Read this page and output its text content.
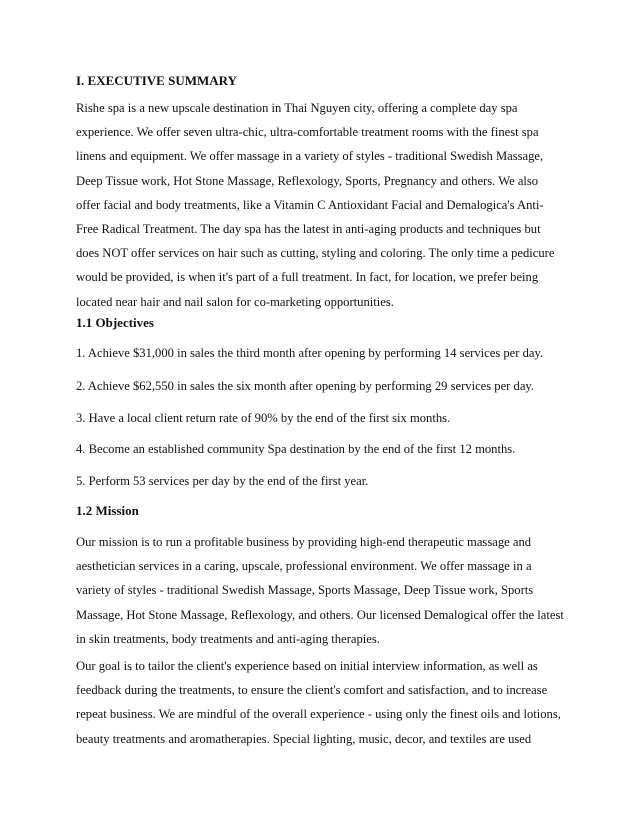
I. EXECUTIVE SUMMARY
Rishe spa is a new upscale destination in Thai Nguyen city, offering a complete day spa
experience. We offer seven ultra-chic, ultra-comfortable treatment rooms with the finest spa
linens and equipment. We offer massage in a variety of styles - traditional Swedish Massage,
Deep Tissue work, Hot Stone Massage, Reflexology, Sports, Pregnancy and others. We also
offer facial and body treatments, like a Vitamin C Antioxidant Facial and Demalogica's Anti-
Free Radical Treatment. The day spa has the latest in anti-aging products and techniques but
does NOT offer services on hair such as cutting, styling and coloring. The only time a pedicure
would be provided, is when it's part of a full treatment. In fact, for location, we prefer being
located near hair and nail salon for co-marketing opportunities.
1.1 Objectives
1. Achieve $31,000 in sales the third month after opening by performing 14 services per day.
2. Achieve $62,550 in sales the six month after opening by performing 29 services per day.
3. Have a local client return rate of 90% by the end of the first six months.
4. Become an established community Spa destination by the end of the first 12 months.
5. Perform 53 services per day by the end of the first year.
1.2 Mission
Our mission is to run a profitable business by providing high-end therapeutic massage and
aesthetician services in a caring, upscale, professional environment. We offer massage in a
variety of styles - traditional Swedish Massage, Sports Massage, Deep Tissue work, Sports
Massage, Hot Stone Massage, Reflexology, and others. Our licensed Demalogical offer the latest
in skin treatments, body treatments and anti-aging therapies.
Our goal is to tailor the client's experience based on initial interview information, as well as
feedback during the treatments, to ensure the client's comfort and satisfaction, and to increase
repeat business. We are mindful of the overall experience - using only the finest oils and lotions,
beauty treatments and aromatherapies. Special lighting, music, decor, and textiles are used
